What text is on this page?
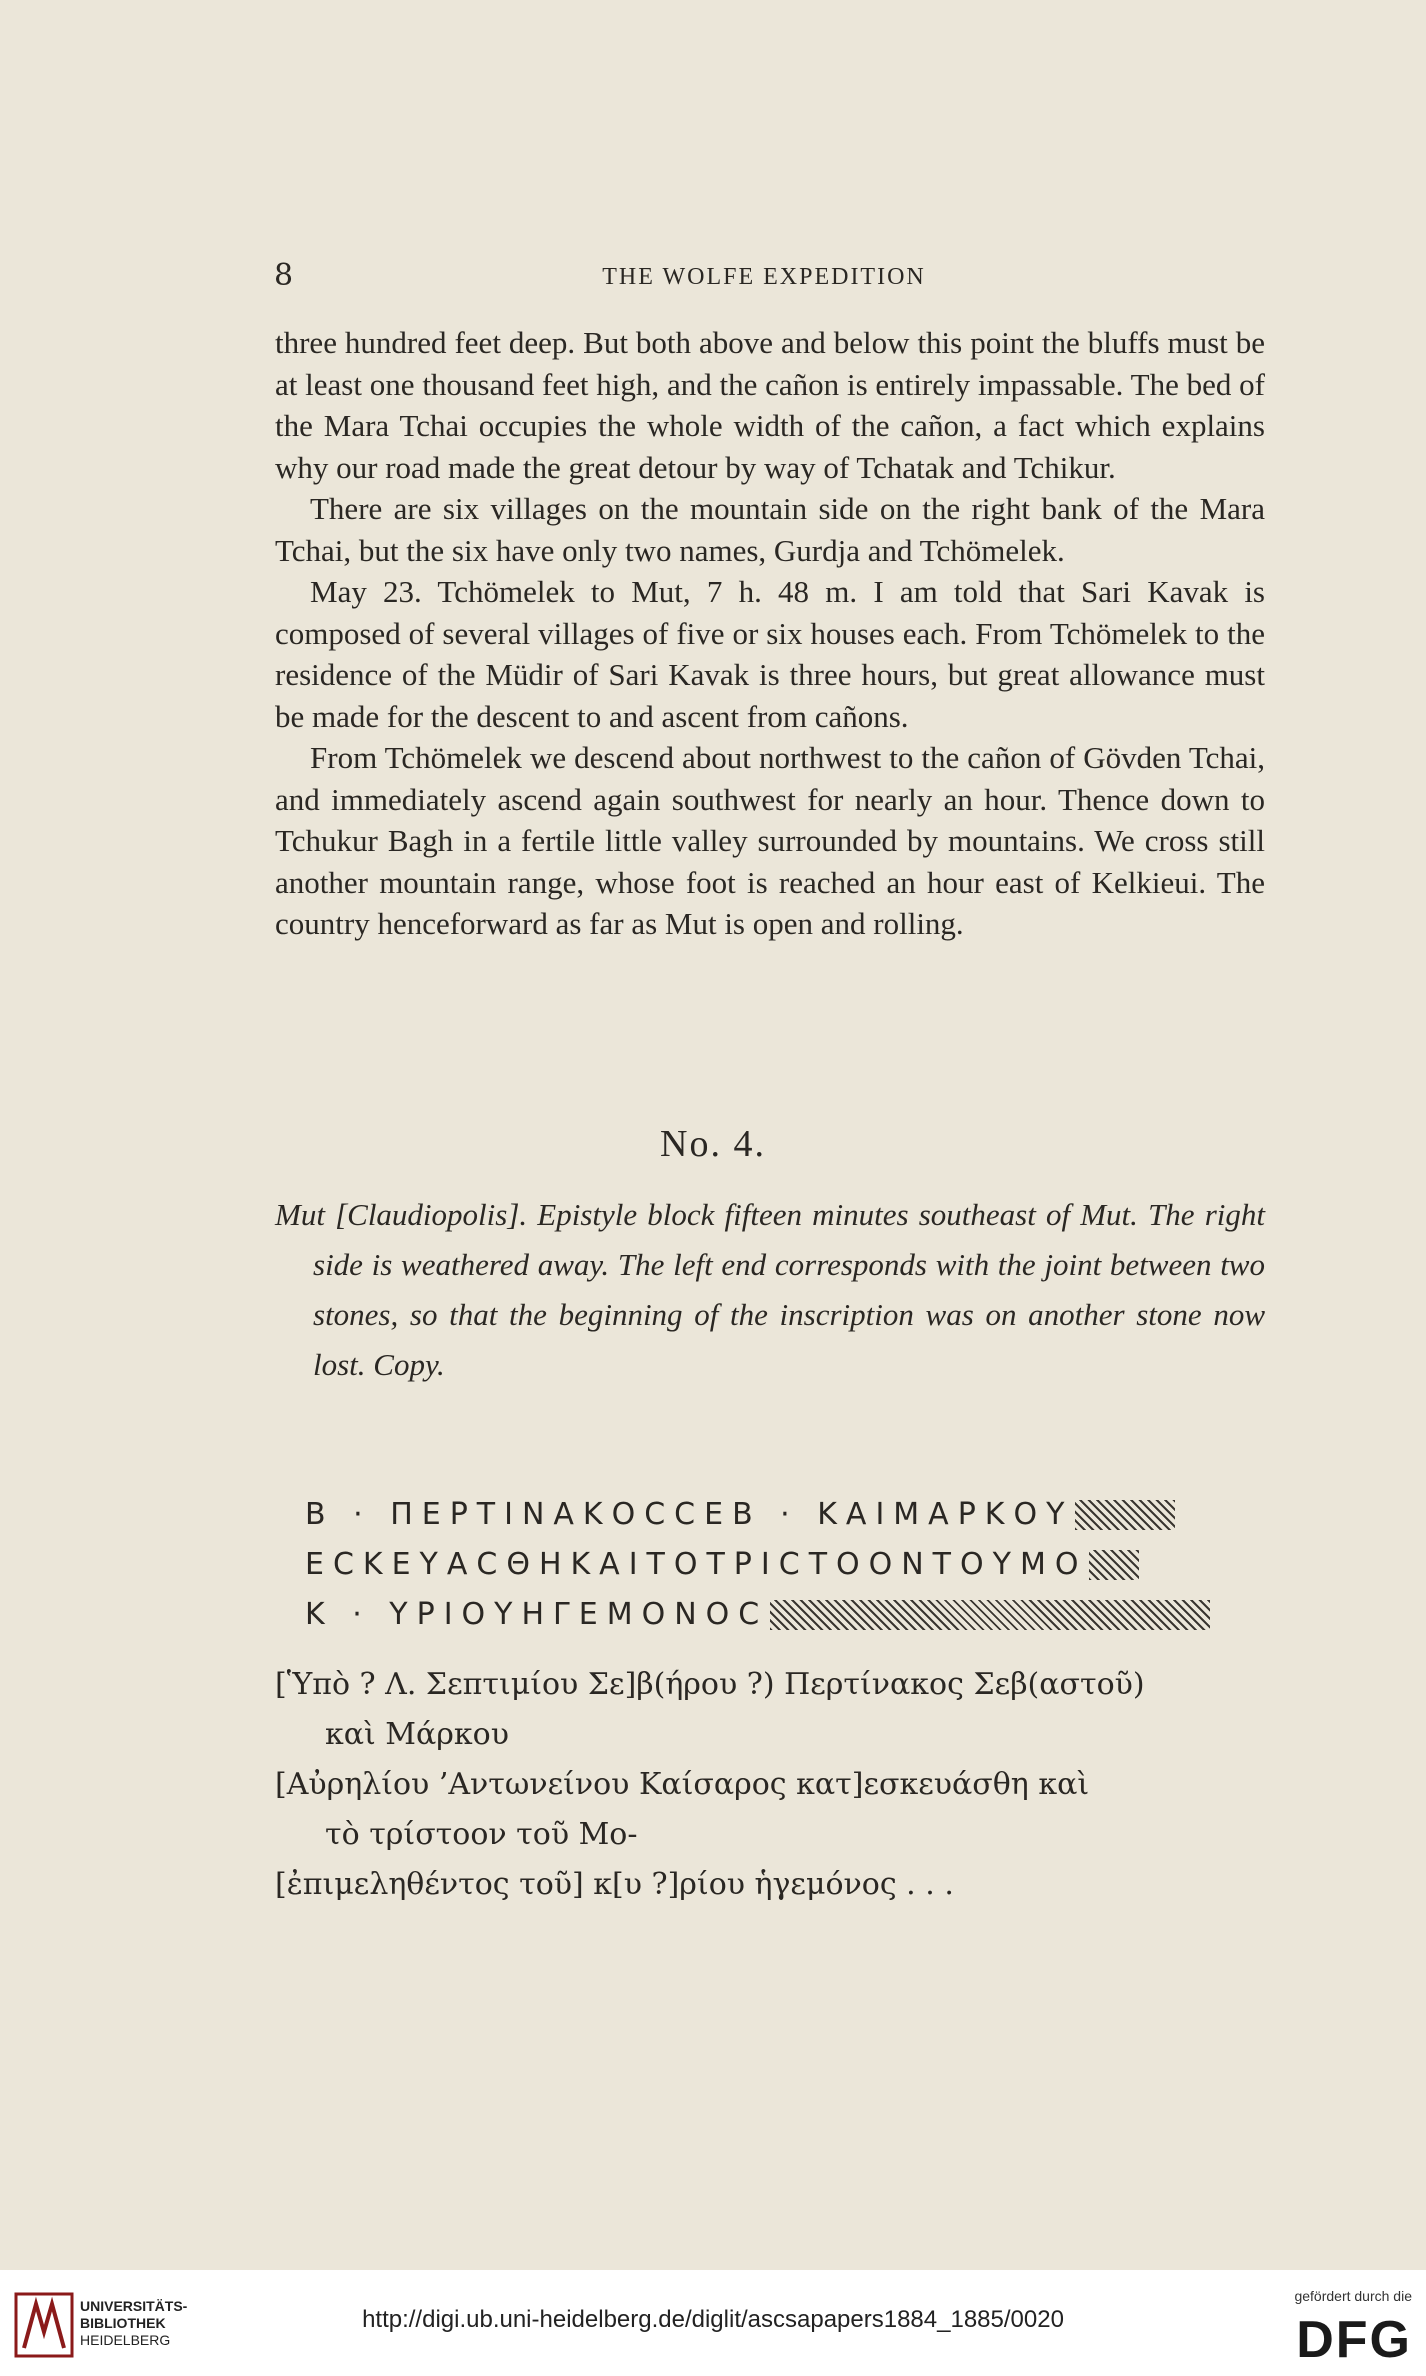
8	THE WOLFE EXPEDITION

three hundred feet deep. But both above and below this point the bluffs must be at least one thousand feet high, and the cañon is entirely impassable. The bed of the Mara Tchai occupies the whole width of the cañon, a fact which explains why our road made the great detour by way of Tchatak and Tchikur.

There are six villages on the mountain side on the right bank of the Mara Tchai, but the six have only two names, Gurdja and Tchömelek.

May 23. Tchömelek to Mut, 7 h. 48 m. I am told that Sari Kavak is composed of several villages of five or six houses each. From Tchömelek to the residence of the Müdir of Sari Kavak is three hours, but great allowance must be made for the descent to and ascent from cañons.

From Tchömelek we descend about northwest to the cañon of Gövden Tchai, and immediately ascend again southwest for nearly an hour. Thence down to Tchukur Bagh in a fertile little valley surrounded by mountains. We cross still another mountain range, whose foot is reached an hour east of Kelkieui. The country henceforward as far as Mut is open and rolling.

No. 4.

Mut [Claudiopolis]. Epistyle block fifteen minutes southeast of Mut. The right side is weathered away. The left end corresponds with the joint between two stones, so that the beginning of the inscription was on another stone now lost. Copy.

B · ΠΕΡΤΙΝΑΚΟϹϹΕΒ · ΚΑΙΜΑΡΚΟΥ
ΕϹΚΕΥΑϹΘΗΚΑΙΤΟΤΡΙϹΤΟΟΝΤΟΥΜΟ
Κ · ΥΡΙΟΥΗΓΕΜΟΝΟϹ
[Ὑπὸ ? Λ. Σεπτιμίου Σε]β(ήρου ?) Περτίνακος Σεβ(αστοῦ)
καὶ Μάρκου
[Αὐρηλίου ’Αντωνείνου Καίσαρος κατ]εσκευάσθη καὶ
τὸ τρίστοον τοῦ Μο-
[ἐπιμεληθέντος τοῦ] κ[υ ?]ρίου ἡγεμόνος . . .
UNIVERSITÄTS-
BIBLIOTHEK
HEIDELBERG
http://digi.ub.uni-heidelberg.de/diglit/ascsapapers1884_1885/0020
gefördert durch die
DFG
